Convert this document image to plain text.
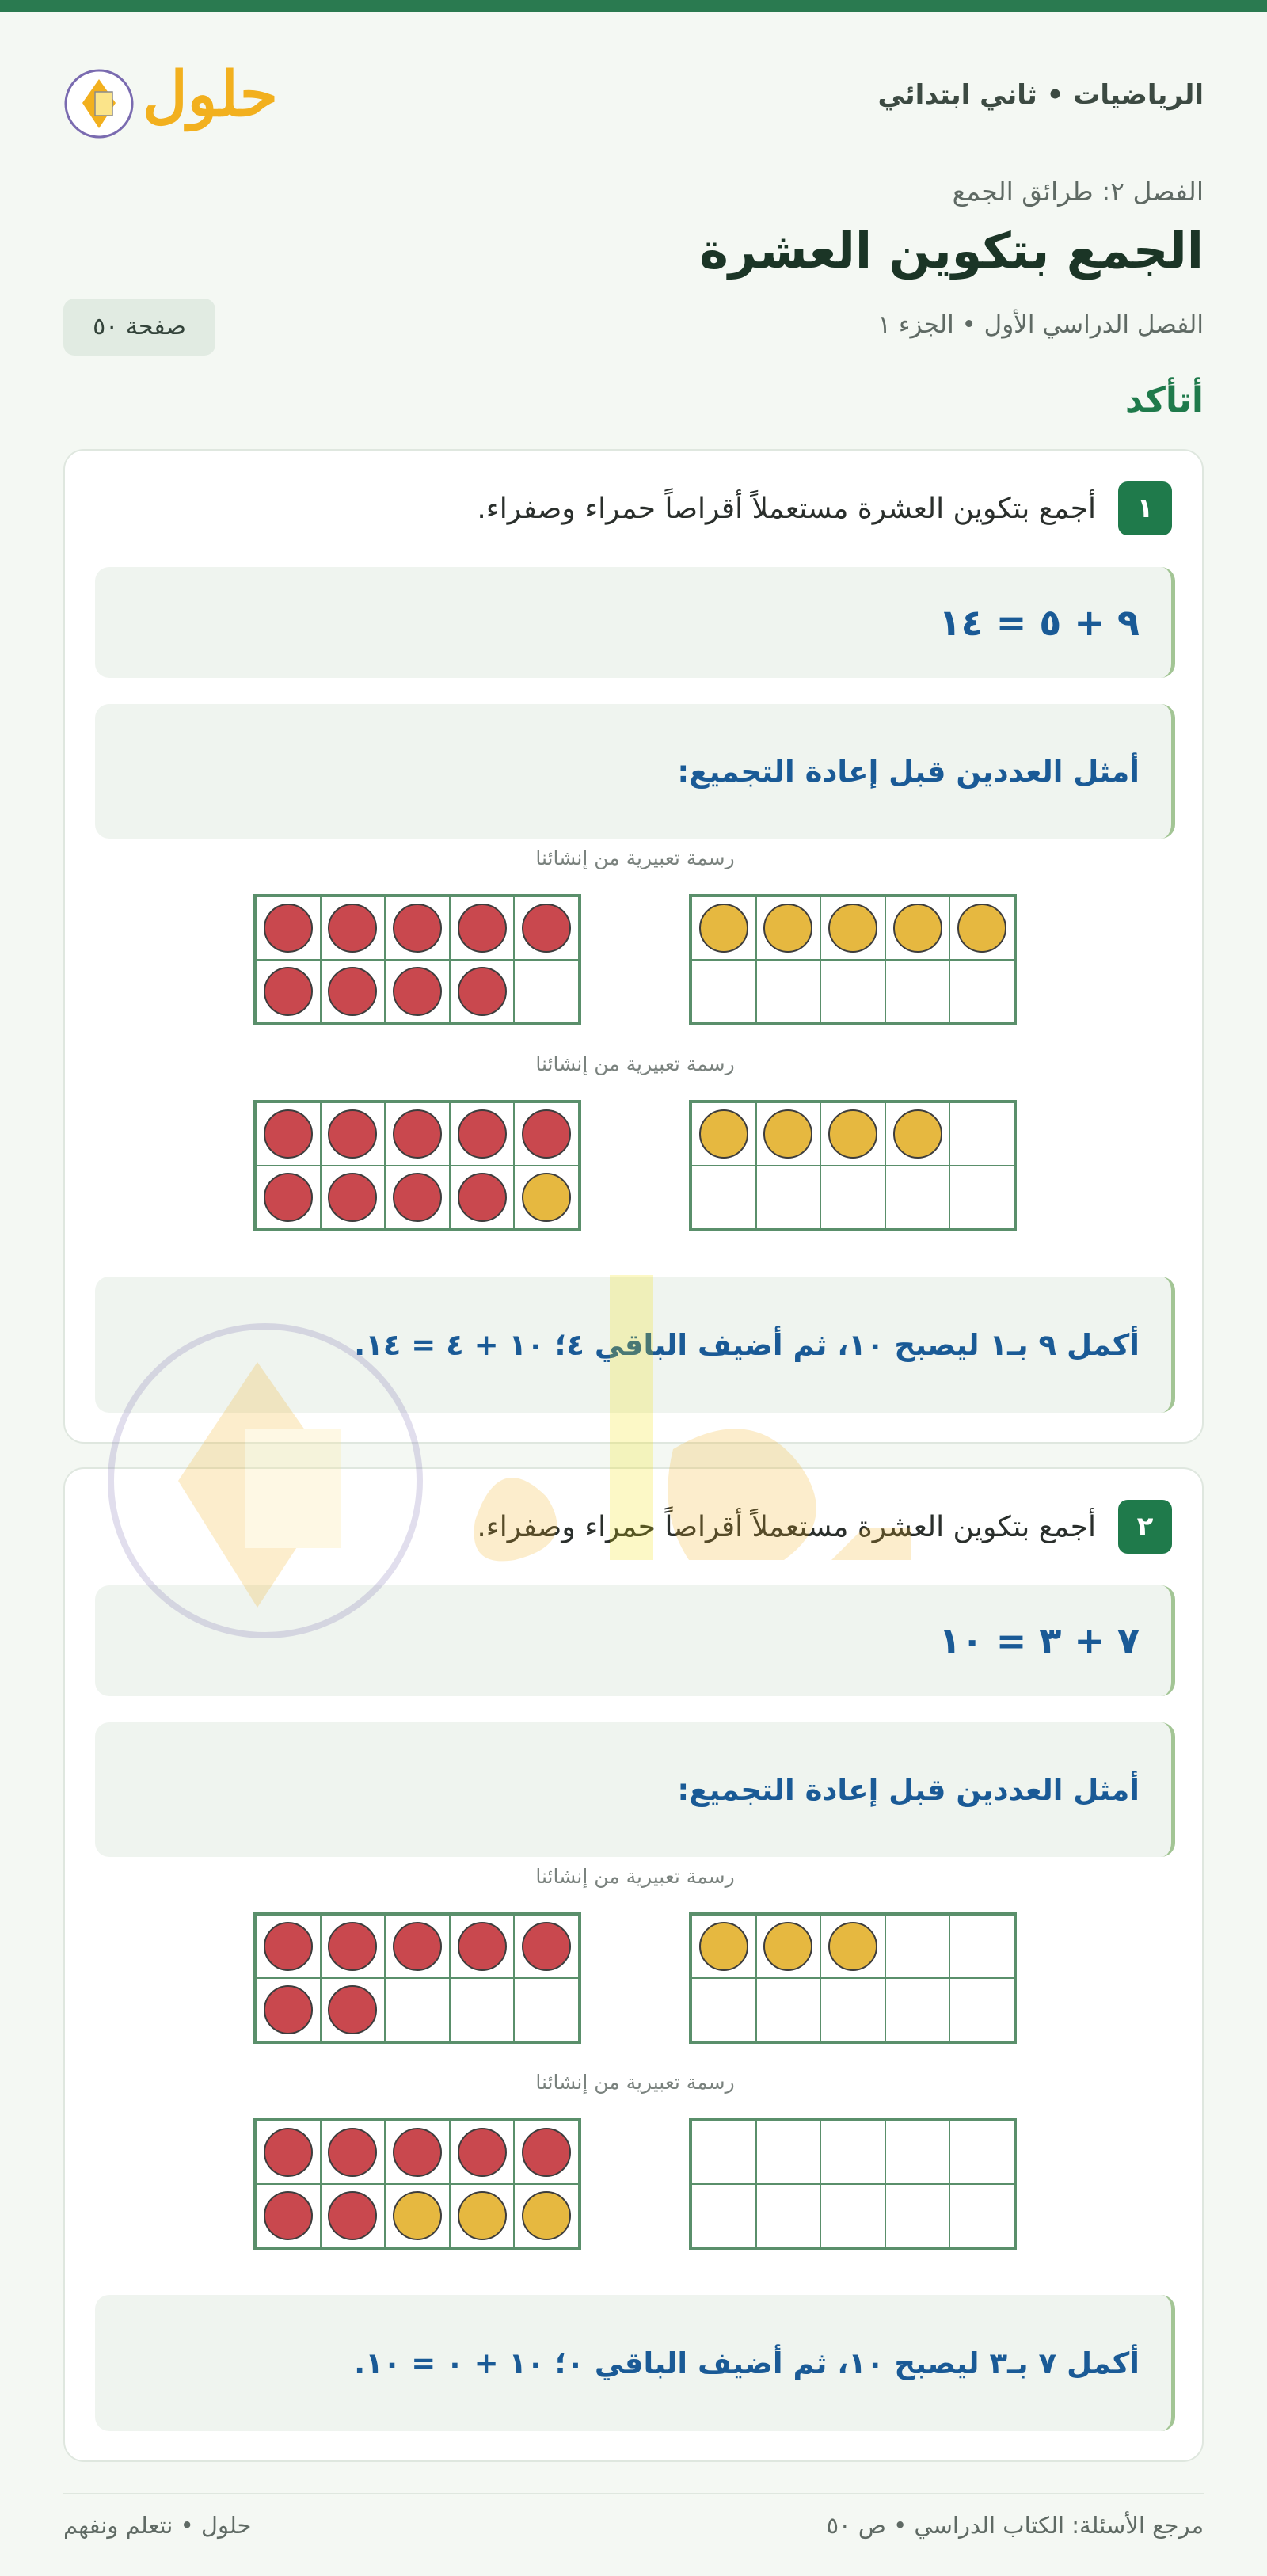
الرياضيات • ثاني ابتدائي
حلول
الفصل ٢: طرائق الجمع
الجمع بتكوين العشرة
الفصل الدراسي الأول • الجزء ١
صفحة ٥٠
أتأكد
١
أجمع بتكوين العشرة مستعملاً أقراصاً حمراء وصفراء.
٩ + ٥ = ١٤
أمثل العددين قبل إعادة التجميع:
رسمة تعبيرية من إنشائنا
رسمة تعبيرية من إنشائنا
أكمل ٩ بـ١ ليصبح ١٠، ثم أضيف الباقي ٤؛ ١٠ + ٤ = ١٤.
٢
أجمع بتكوين العشرة مستعملاً أقراصاً حمراء وصفراء.
٧ + ٣ = ١٠
أمثل العددين قبل إعادة التجميع:
رسمة تعبيرية من إنشائنا
رسمة تعبيرية من إنشائنا
أكمل ٧ بـ٣ ليصبح ١٠، ثم أضيف الباقي ٠؛ ١٠ + ٠ = ١٠.
مرجع الأسئلة: الكتاب الدراسي • ص ٥٠
حلول • نتعلم ونفهم
